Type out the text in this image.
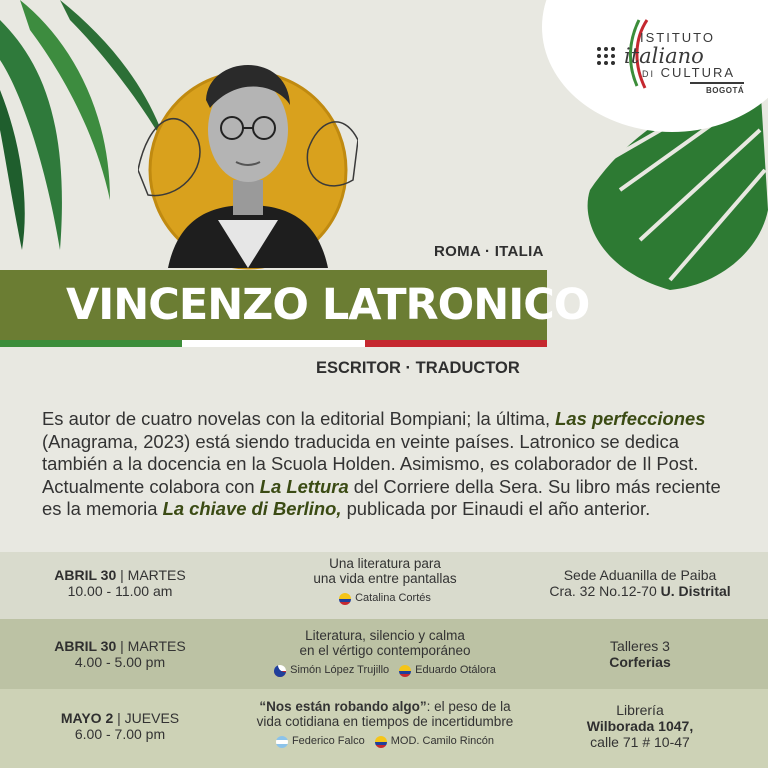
ISTITUTO
italiano
DI CULTURA
BOGOTÁ
ROMA · ITALIA
VINCENZO LATRONICO
ESCRITOR · TRADUCTOR
Es autor de cuatro novelas con la editorial Bompiani; la última, Las perfecciones (Anagrama, 2023) está siendo traducida en veinte países. Latronico se dedica también a la docencia en la Scuola Holden. Asimismo, es colaborador de Il Post. Actualmente colabora con La Lettura del Corriere della Sera. Su libro más reciente es la memoria La chiave di Berlino, publicada por Einaudi el año anterior.
ABRIL 30 | MARTES
10.00 - 11.00 am
Una literatura para
una vida entre pantallas
Catalina Cortés
Sede Aduanilla de Paiba
Cra. 32 No.12-70 U. Distrital
ABRIL 30 | MARTES
4.00 - 5.00 pm
Literatura, silencio y calma
en el vértigo contemporáneo
Simón López Trujillo Eduardo Otálora
Talleres 3
Corferias
MAYO 2 | JUEVES
6.00 - 7.00 pm
“Nos están robando algo”: el peso de la
vida cotidiana en tiempos de incertidumbre
Federico Falco MOD. Camilo Rincón
Librería
Wilborada 1047,
calle 71 # 10-47
